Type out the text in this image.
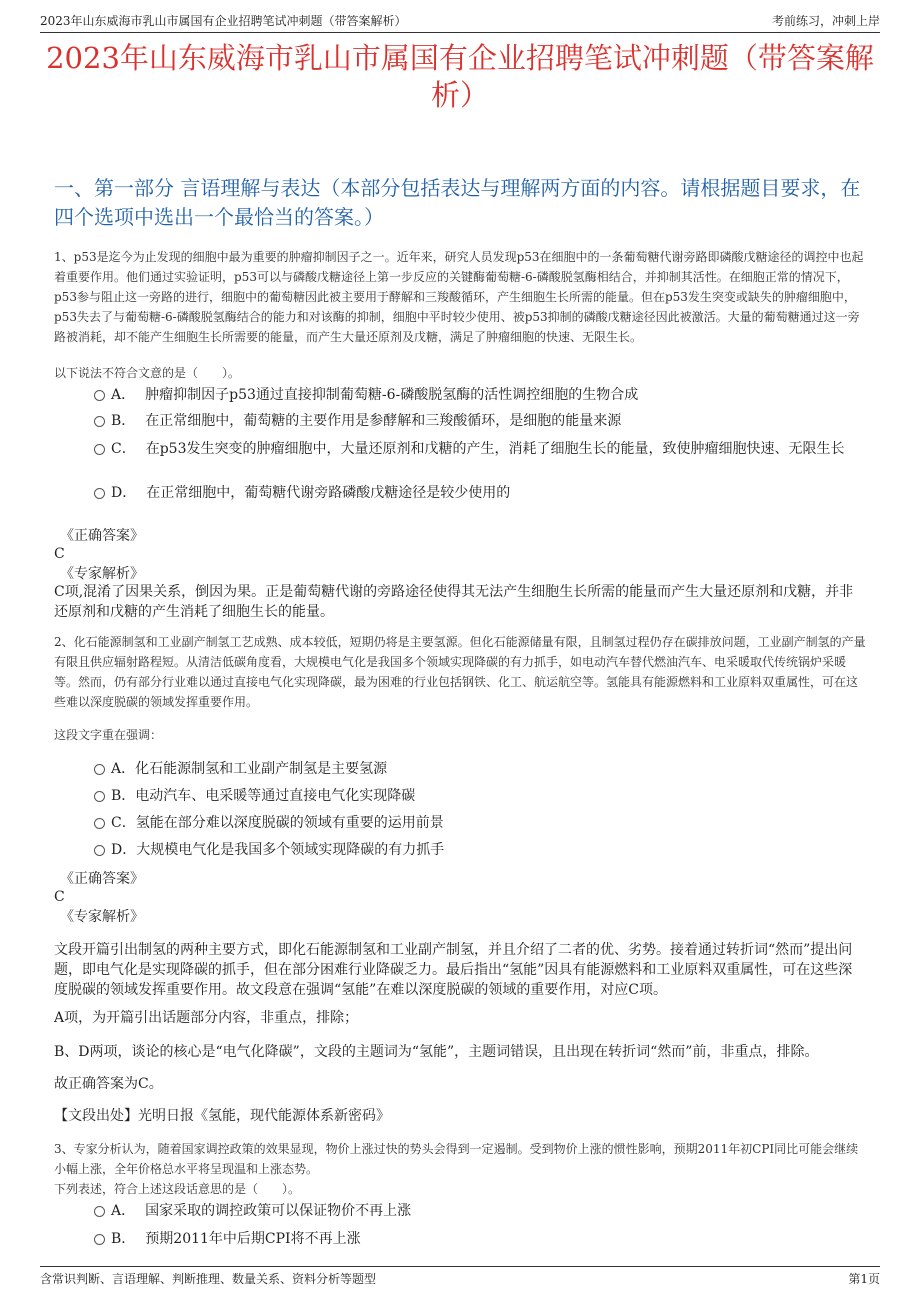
2023年山东威海市乳山市属国有企业招聘笔试冲刺题（带答案解析）	考前练习，冲刺上岸
2023年山东威海市乳山市属国有企业招聘笔试冲刺题（带答案解析）
一、第一部分 言语理解与表达（本部分包括表达与理解两方面的内容。请根据题目要求，在四个选项中选出一个最恰当的答案。）
1、p53是迄今为止发现的细胞中最为重要的肿瘤抑制因子之一。近年来，研究人员发现p53在细胞中的一条葡萄糖代谢旁路即磷酸戊糖途径的调控中也起着重要作用。他们通过实验证明，p53可以与磷酸戊糖途径上第一步反应的关键酶葡萄糖-6-磷酸脱氢酶相结合，并抑制其活性。在细胞正常的情况下，p53参与阻止这一旁路的进行，细胞中的葡萄糖因此被主要用于酵解和三羧酸循环，产生细胞生长所需的能量。但在p53发生突变或缺失的肿瘤细胞中，p53失去了与葡萄糖-6-磷酸脱氢酶结合的能力和对该酶的抑制，细胞中平时较少使用、被p53抑制的磷酸戊糖途径因此被激活。大量的葡萄糖通过这一旁路被消耗，却不能产生细胞生长所需要的能量，而产生大量还原剂及戊糖，满足了肿瘤细胞的快速、无限生长。
以下说法不符合文意的是（　　）。
A． 肿瘤抑制因子p53通过直接抑制葡萄糖-6-磷酸脱氢酶的活性调控细胞的生物合成
B． 在正常细胞中，葡萄糖的主要作用是参酵解和三羧酸循环，是细胞的能量来源
C． 在p53发生突变的肿瘤细胞中，大量还原剂和戊糖的产生，消耗了细胞生长的能量，致使肿瘤细胞快速、无限生长
D． 在正常细胞中，葡萄糖代谢旁路磷酸戊糖途径是较少使用的
《正确答案》
C
《专家解析》
C项,混淆了因果关系，倒因为果。正是葡萄糖代谢的旁路途径使得其无法产生细胞生长所需的能量而产生大量还原剂和戊糖，并非还原剂和戊糖的产生消耗了细胞生长的能量。
2、化石能源制氢和工业副产制氢工艺成熟、成本较低，短期仍将是主要氢源。但化石能源储量有限，且制氢过程仍存在碳排放问题，工业副产制氢的产量有限且供应辐射路程短。从清洁低碳角度看，大规模电气化是我国多个领域实现降碳的有力抓手，如电动汽车替代燃油汽车、电采暖取代传统锅炉采暖等。然而，仍有部分行业难以通过直接电气化实现降碳，最为困难的行业包括钢铁、化工、航运航空等。氢能具有能源燃料和工业原料双重属性，可在这些难以深度脱碳的领域发挥重要作用。
这段文字重在强调：
A．化石能源制氢和工业副产制氢是主要氢源
B．电动汽车、电采暖等通过直接电气化实现降碳
C．氢能在部分难以深度脱碳的领域有重要的运用前景
D．大规模电气化是我国多个领域实现降碳的有力抓手
《正确答案》
C
《专家解析》
文段开篇引出制氢的两种主要方式，即化石能源制氢和工业副产制氢，并且介绍了二者的优、劣势。接着通过转折词“然而”提出问题，即电气化是实现降碳的抓手，但在部分困难行业降碳乏力。最后指出“氢能”因具有能源燃料和工业原料双重属性，可在这些深度脱碳的领域发挥重要作用。故文段意在强调“氢能”在难以深度脱碳的领域的重要作用，对应C项。
A项，为开篇引出话题部分内容，非重点，排除；
B、D两项，谈论的核心是“电气化降碳”，文段的主题词为“氢能”，主题词错误，且出现在转折词“然而”前，非重点，排除。
故正确答案为C。
【文段出处】光明日报《氢能，现代能源体系新密码》
3、专家分析认为，随着国家调控政策的效果显现，物价上涨过快的势头会得到一定遏制。受到物价上涨的惯性影响，预期2011年初CPI同比可能会继续小幅上涨，全年价格总水平将呈现温和上涨态势。
下列表述，符合上述这段话意思的是（　　）。
A． 国家采取的调控政策可以保证物价不再上涨
B． 预期2011年中后期CPI将不再上涨
含常识判断、言语理解、判断推理、数量关系、资料分析等题型	第1页
